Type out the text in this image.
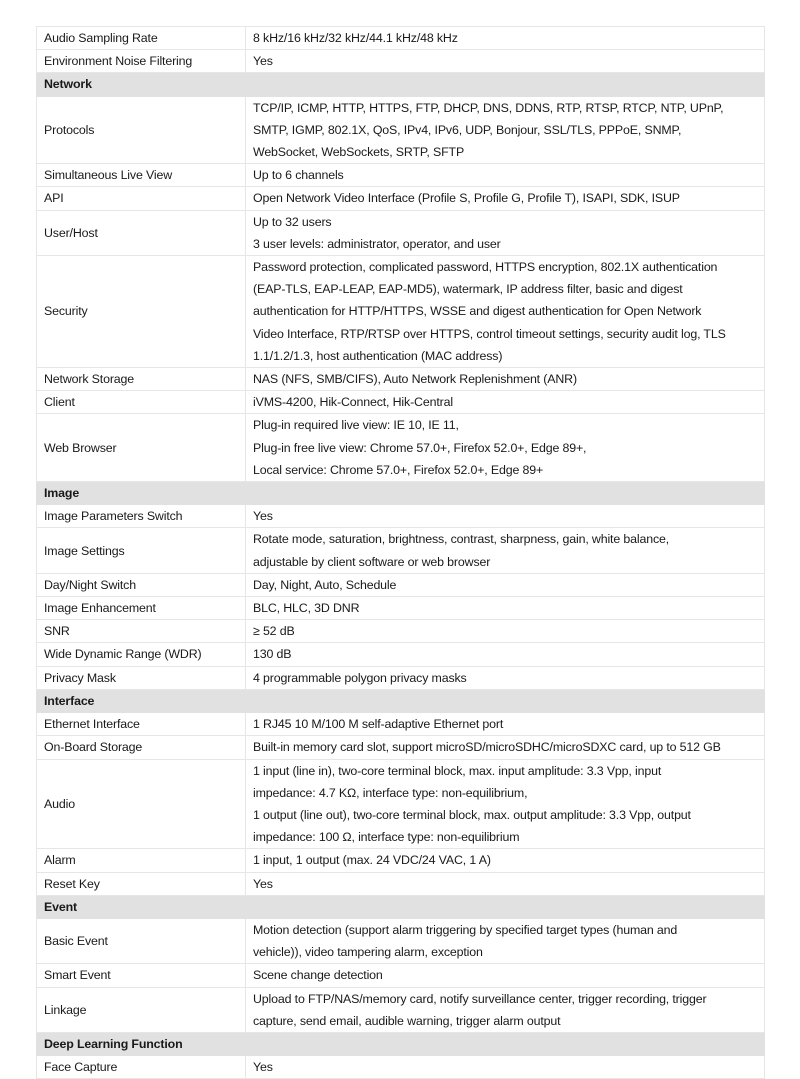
Audio Sampling Rate	8 kHz/16 kHz/32 kHz/44.1 kHz/48 kHz

Environment Noise Filtering	Yes

Network	
Protocols	TCP/IP, ICMP, HTTP, HTTPS, FTP, DHCP, DNS, DDNS, RTP, RTSP, RTCP, NTP, UPnP,
SMTP, IGMP, 802.1X, QoS, IPv4, IPv6, UDP, Bonjour, SSL/TLS, PPPoE, SNMP,
WebSocket, WebSockets, SRTP, SFTP

Simultaneous Live View	Up to 6 channels

API	Open Network Video Interface (Profile S, Profile G, Profile T), ISAPI, SDK, ISUP

User/Host	Up to 32 users
3 user levels: administrator, operator, and user

Security	Password protection, complicated password, HTTPS encryption, 802.1X authentication
(EAP-TLS, EAP-LEAP, EAP-MD5), watermark, IP address filter, basic and digest
authentication for HTTP/HTTPS, WSSE and digest authentication for Open Network
Video Interface, RTP/RTSP over HTTPS, control timeout settings, security audit log, TLS
1.1/1.2/1.3, host authentication (MAC address)

Network Storage	NAS (NFS, SMB/CIFS), Auto Network Replenishment (ANR)

Client	iVMS-4200, Hik-Connect, Hik-Central

Web Browser	Plug-in required live view: IE 10, IE 11,
Plug-in free live view: Chrome 57.0+, Firefox 52.0+, Edge 89+,
Local service: Chrome 57.0+, Firefox 52.0+, Edge 89+

Image	
Image Parameters Switch	Yes

Image Settings	Rotate mode, saturation, brightness, contrast, sharpness, gain, white balance,
adjustable by client software or web browser

Day/Night Switch	Day, Night, Auto, Schedule

Image Enhancement	BLC, HLC, 3D DNR

SNR	≥ 52 dB

Wide Dynamic Range (WDR)	130 dB

Privacy Mask	4 programmable polygon privacy masks

Interface	
Ethernet Interface	1 RJ45 10 M/100 M self-adaptive Ethernet port

On-Board Storage	Built-in memory card slot, support microSD/microSDHC/microSDXC card, up to 512 GB

Audio	1 input (line in), two-core terminal block, max. input amplitude: 3.3 Vpp, input
impedance: 4.7 KΩ, interface type: non-equilibrium,
1 output (line out), two-core terminal block, max. output amplitude: 3.3 Vpp, output
impedance: 100 Ω, interface type: non-equilibrium

Alarm	1 input, 1 output (max. 24 VDC/24 VAC, 1 A)

Reset Key	Yes

Event	
Basic Event	Motion detection (support alarm triggering by specified target types (human and
vehicle)), video tampering alarm, exception

Smart Event	Scene change detection

Linkage	Upload to FTP/NAS/memory card, notify surveillance center, trigger recording, trigger
capture, send email, audible warning, trigger alarm output

Deep Learning Function	
Face Capture	Yes
